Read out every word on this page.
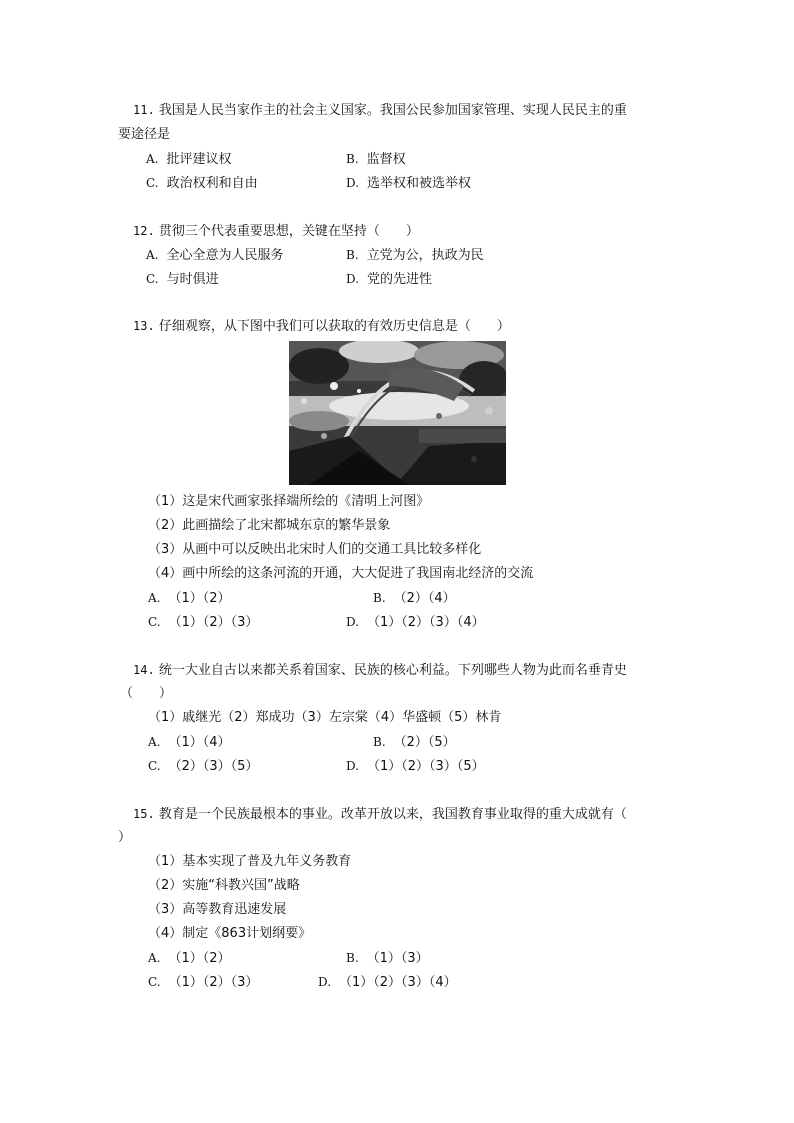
11. 我国是人民当家作主的社会主义国家。我国公民参加国家管理、实现人民民主的重
要途径是
A. 批评建议权	B. 监督权
C. 政治权利和自由	D. 选举权和被选举权
12. 贯彻三个代表重要思想，关键在坚持（　　）
A. 全心全意为人民服务	B. 立党为公，执政为民
C. 与时俱进	D. 党的先进性
13. 仔细观察，从下图中我们可以获取的有效历史信息是（　　）
（1）这是宋代画家张择端所绘的《清明上河图》
（2）此画描绘了北宋都城东京的繁华景象
（3）从画中可以反映出北宋时人们的交通工具比较多样化
（4）画中所绘的这条河流的开通，大大促进了我国南北经济的交流
A. （1）（2）	B. （2）（4）
C. （1）（2）（3）	D. （1）（2）（3）（4）
14. 统一大业自古以来都关系着国家、民族的核心利益。下列哪些人物为此而名垂青史
（　　）
（1）戚继光（2）郑成功（3）左宗棠（4）华盛顿（5）林肯
A. （1）（4）	B. （2）（5）
C. （2）（3）（5）	D. （1）（2）（3）（5）
15. 教育是一个民族最根本的事业。改革开放以来，我国教育事业取得的重大成就有（
）
（1）基本实现了普及九年义务教育
（2）实施“科教兴国”战略
（3）高等教育迅速发展
（4）制定《863计划纲要》
A. （1）（2）	B. （1）（3）
C. （1）（2）（3）	D. （1）（2）（3）（4）
